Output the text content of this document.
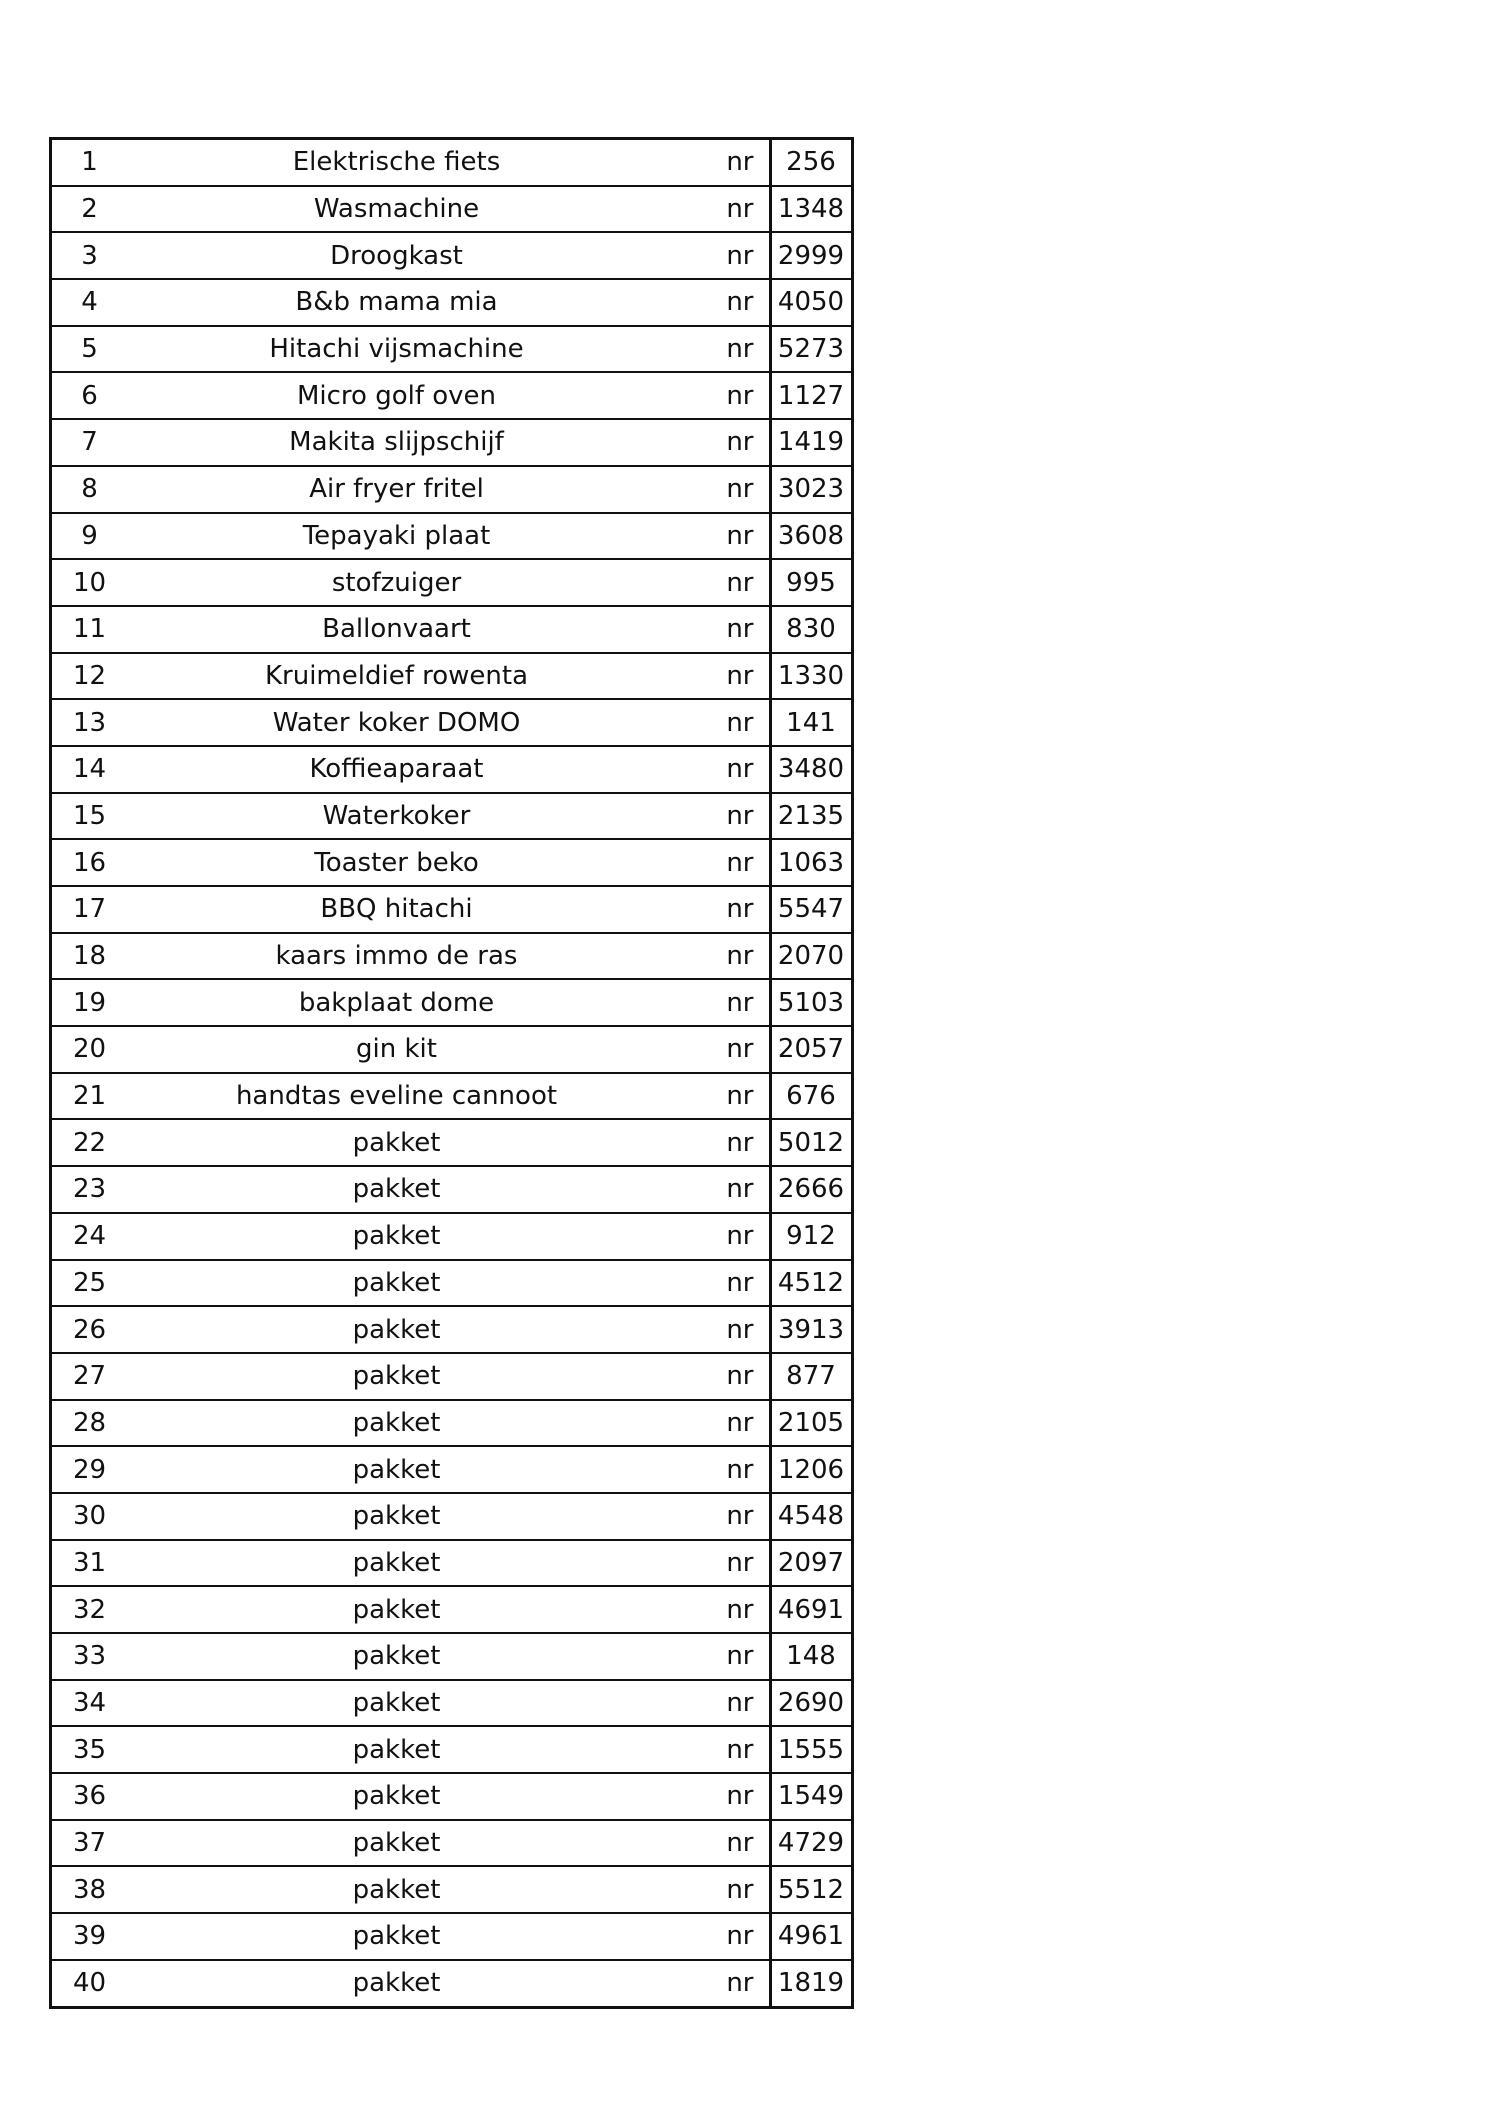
1	Elektrische fiets	nr	256
2	Wasmachine	nr	1348
3	Droogkast	nr	2999
4	B&b mama mia	nr	4050
5	Hitachi vijsmachine	nr	5273
6	Micro golf oven	nr	1127
7	Makita slijpschijf	nr	1419
8	Air fryer fritel	nr	3023
9	Tepayaki plaat	nr	3608
10	stofzuiger	nr	995
11	Ballonvaart	nr	830
12	Kruimeldief rowenta	nr	1330
13	Water koker DOMO	nr	141
14	Koffieaparaat	nr	3480
15	Waterkoker	nr	2135
16	Toaster beko	nr	1063
17	BBQ hitachi	nr	5547
18	kaars immo de ras	nr	2070
19	bakplaat dome	nr	5103
20	gin kit	nr	2057
21	handtas eveline cannoot	nr	676
22	pakket	nr	5012
23	pakket	nr	2666
24	pakket	nr	912
25	pakket	nr	4512
26	pakket	nr	3913
27	pakket	nr	877
28	pakket	nr	2105
29	pakket	nr	1206
30	pakket	nr	4548
31	pakket	nr	2097
32	pakket	nr	4691
33	pakket	nr	148
34	pakket	nr	2690
35	pakket	nr	1555
36	pakket	nr	1549
37	pakket	nr	4729
38	pakket	nr	5512
39	pakket	nr	4961
40	pakket	nr	1819
